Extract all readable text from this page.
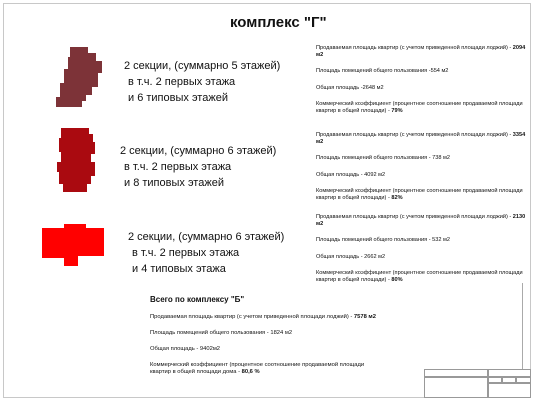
комплекс "Г"
2 секции, (суммарно 5 этажей)
в т.ч. 2 первых этажа
и 6 типовых этажей

Продаваемая площадь квартир (с учетом приведенной площади лоджий) - 2094 м2

Площадь помещений общего пользования -554 м2

Общая площадь -2648 м2

Коммерческий коэффициент (процентное соотношение продаваемой площади квартир в общей площади) - 79%

2 секции, (суммарно 6 этажей)
в т.ч. 2 первых этажа
и 8 типовых этажей

Продаваемая площадь квартир (с учетом приведенной площади лоджий) - 3354 м2

Площадь помещений общего пользования - 738 м2

Общая площадь - 4092 м2

Коммерческий коэффициент (процентное соотношение продаваемой площади квартир в общей площади) - 82%

2 секции, (суммарно 6 этажей)
в т.ч. 2 первых этажа
и 4 типовых этажа

Продаваемая площадь квартир (с учетом приведенной площади лоджий) - 2130 м2

Площадь помещений общего пользования - 532 м2

Общая площадь - 2662 м2

Коммерческий коэффициент (процентное соотношение продаваемой площади квартир в общей площади) - 80%

Всего по комплексу "Б"

Продаваемая площадь квартир (с учетом приведенной площади лоджий) - 7578 м2

Площадь помещений общего пользования - 1824 м2

Общая площадь - 9402м2

Коммерческий коэффициент (процентное соотношение продаваемой площади квартир в общей площади дома - 80,6 %
